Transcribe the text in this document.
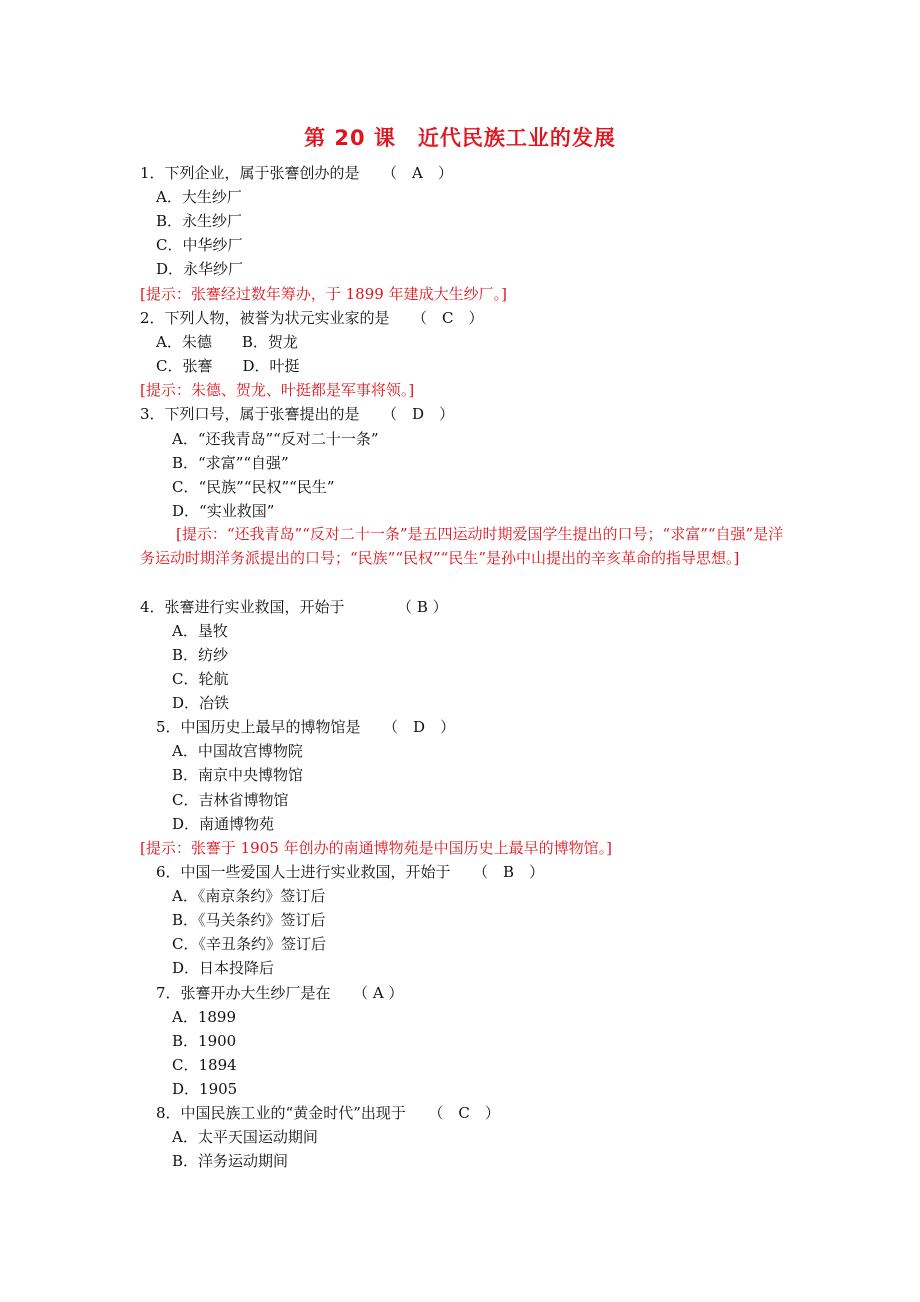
第 20 课　近代民族工业的发展
1．下列企业，属于张謇创办的是　　（　A　）
A．大生纱厂
B．永生纱厂
C．中华纱厂
D．永华纱厂
[提示：张謇经过数年筹办，于 1899 年建成大生纱厂。]
2．下列人物，被誉为状元实业家的是　　（　C　）
A．朱德　　B．贺龙
C．张謇　　D．叶挺
[提示：朱德、贺龙、叶挺都是军事将领。]
3．下列口号，属于张謇提出的是　　（　D　）
A．“还我青岛”“反对二十一条”
B．“求富”“自强”
C．“民族”“民权”“民生”
D．“实业救国”
[提示：“还我青岛”“反对二十一条”是五四运动时期爱国学生提出的口号；“求富”“自强”是洋务运动时期洋务派提出的口号；“民族”“民权”“民生”是孙中山提出的辛亥革命的指导思想。]
4．张謇进行实业救国，开始于　　　　（ B ）
A．垦牧
B．纺纱
C．轮航
D．冶铁
5．中国历史上最早的博物馆是　　（　D　）
A．中国故宫博物院
B．南京中央博物馆
C．吉林省博物馆
D．南通博物苑
[提示：张謇于 1905 年创办的南通博物苑是中国历史上最早的博物馆。]
6．中国一些爱国人士进行实业救国，开始于　　（　B　）
A．《南京条约》签订后
B．《马关条约》签订后
C．《辛丑条约》签订后
D．日本投降后
7．张謇开办大生纱厂是在　　（ A ）
A．1899
B．1900
C．1894
D．1905
8．中国民族工业的“黄金时代”出现于　　（　C　）
A．太平天国运动期间
B．洋务运动期间
